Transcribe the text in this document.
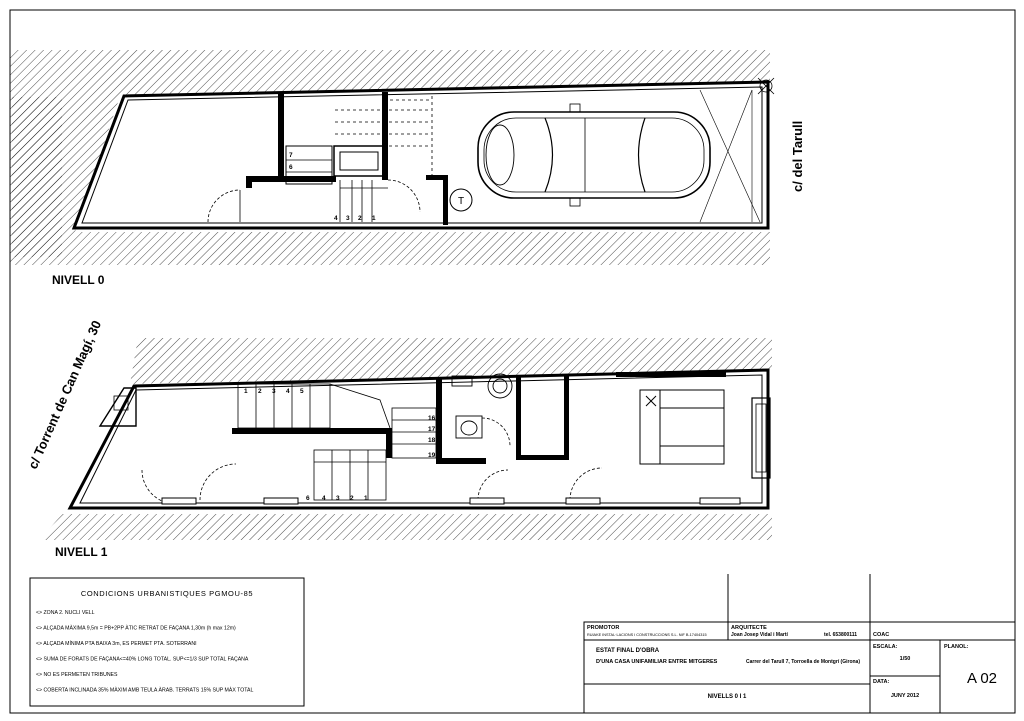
T
NIVELL 0
c/ del Tarull
NIVELL 1
c/ Torrent de Can Magí, 30
7
6
5
4 3 2 1
1 2 3 4 5
6 4 3 2 1
16
17
18
19
CONDICIONS URBANISTIQUES PGMOU-85
<> ZONA 2. NUCLI VELL
<> ALÇADA MÀXIMA 9,5m = PB+2PP ÀTIC RETRAT DE FAÇANA 1,30m (h max 12m)
<> ALÇADA MÍNIMA PTA BAIXA 3m, ES PERMET PTA. SOTERRANI
<> SUMA DE FORATS DE FAÇANA<=40% LONG TOTAL. SUP<=1/3 SUP TOTAL FAÇANA
<> NO ES PERMETEN TRIBUNES
<> COBERTA INCLINADA 35% MÀXIM AMB TEULA ÀRAB. TERRATS 15% SUP MÀX TOTAL
PROMOTOR
RUIAKE INSTAL·LACIONS I CONSTRUCCIONS S.L. NIF B-17404315
ARQUITECTE
Joan Josep Vidal i Martí	tel. 653800111	COAC
ESTAT FINAL D'OBRA
D'UNA CASA UNIFAMILIAR ENTRE MITGERES	Carrer del Tarull 7, Torroella de Montgrí (Girona)
ESCALA:
1/50
DATA:
JUNY 2012
PLANOL:
A 02
NIVELLS 0 I 1
